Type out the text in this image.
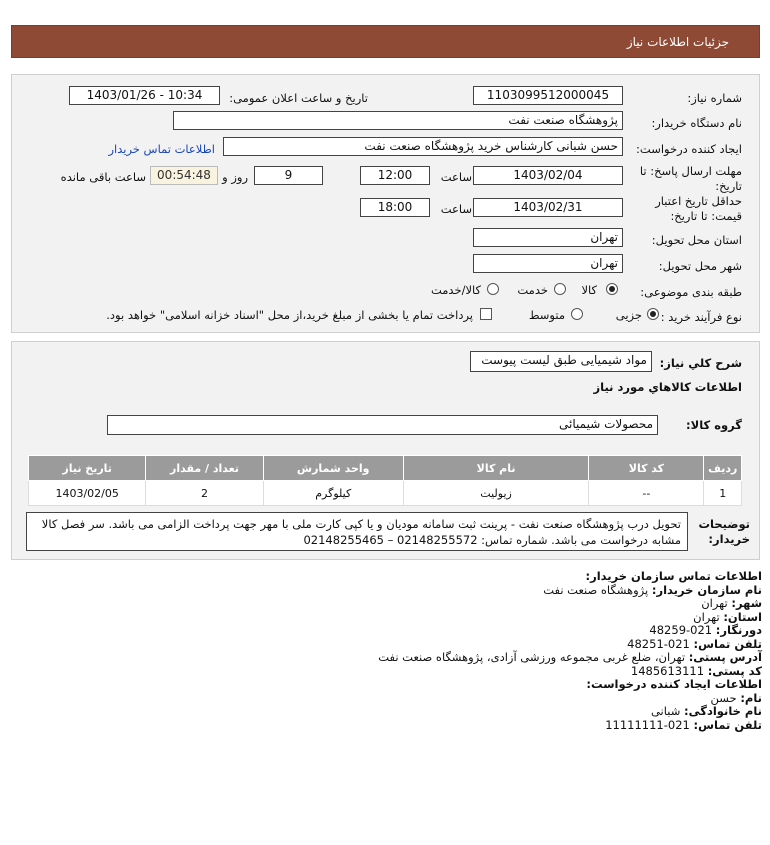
جزئیات اطلاعات نیاز
شماره نیاز:
1103099512000045
تاریخ و ساعت اعلان عمومی:
1403/01/26 - 10:34
نام دستگاه خریدار:
پژوهشگاه صنعت نفت
ایجاد کننده درخواست:
حسن شبانی کارشناس خرید پژوهشگاه صنعت نفت
اطلاعات تماس خریدار
مهلت ارسال پاسخ: تا تاریخ:
1403/02/04
ساعت
12:00
9
روز و
00:54:48
ساعت باقی مانده
حداقل تاریخ اعتبار قیمت: تا تاریخ:
1403/02/31
ساعت
18:00
استان محل تحویل:
تهران
شهر محل تحویل:
تهران
طبقه بندی موضوعی:
کالا
خدمت
کالا/خدمت
نوع فرآیند خرید :
جزیی
متوسط
پرداخت تمام یا بخشی از مبلغ خرید،از محل "اسناد خزانه اسلامی" خواهد بود.
شرح کلي نياز:
مواد شیمیایی طبق لیست پیوست
اطلاعات کالاهاي مورد نياز
گروه کالا:
محصولات شیمیائی
ردیف	کد کالا	نام کالا	واحد شمارش	تعداد / مقدار	تاریخ نیاز
1	--	زیولیت	کیلوگرم	2	1403/02/05
توضیحات خریدار:
تحویل درب پژوهشگاه صنعت نفت - پرینت ثبت سامانه مودیان و یا کپی کارت ملی با مهر جهت پرداخت الزامی می باشد. سر فصل کالا مشابه درخواست می باشد. شماره تماس: 02148255572 – 02148255465
اطلاعات تماس سازمان خریدار:
نام سازمان خریدار: پژوهشگاه صنعت نفت
شهر: تهران
استان: تهران
دورنگار: 021-48259
تلفن تماس: 021-48251
آدرس پستی: تهران، ضلع غربی مجموعه ورزشی آزادی، پژوهشگاه صنعت نفت
کد پستی: 1485613111
اطلاعات ایجاد کننده درخواست:
نام: حسن
نام خانوادگی: شبانی
تلفن تماس: 021-11111111
